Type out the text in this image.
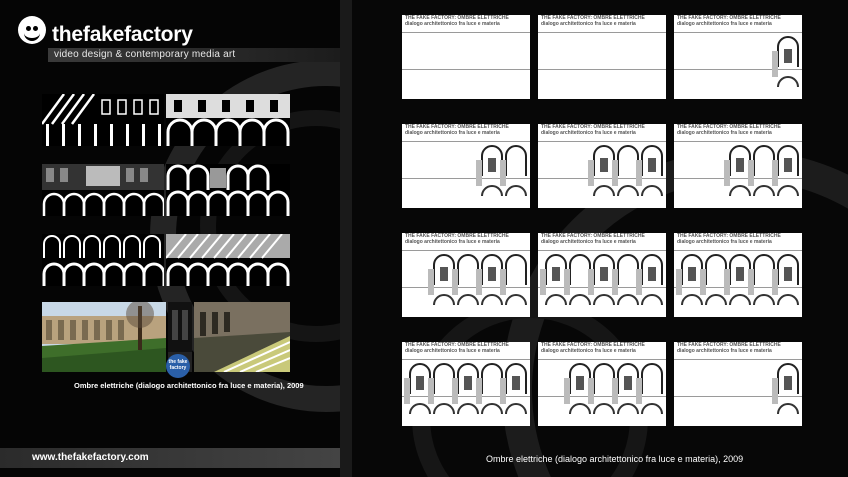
thefakefactory
video design & contemporary media art
the fake factory
Ombre elettriche (dialogo architettonico fra luce e materia), 2009
www.thefakefactory.com
THE FAKE FACTORY: OMBRE ELETTRICHE
dialogo architettonico fra luce e materia
THE FAKE FACTORY: OMBRE ELETTRICHE
dialogo architettonico fra luce e materia
THE FAKE FACTORY: OMBRE ELETTRICHE
dialogo architettonico fra luce e materia
THE FAKE FACTORY: OMBRE ELETTRICHE
dialogo architettonico fra luce e materia
THE FAKE FACTORY: OMBRE ELETTRICHE
dialogo architettonico fra luce e materia
THE FAKE FACTORY: OMBRE ELETTRICHE
dialogo architettonico fra luce e materia
THE FAKE FACTORY: OMBRE ELETTRICHE
dialogo architettonico fra luce e materia
THE FAKE FACTORY: OMBRE ELETTRICHE
dialogo architettonico fra luce e materia
THE FAKE FACTORY: OMBRE ELETTRICHE
dialogo architettonico fra luce e materia
THE FAKE FACTORY: OMBRE ELETTRICHE
dialogo architettonico fra luce e materia
THE FAKE FACTORY: OMBRE ELETTRICHE
dialogo architettonico fra luce e materia
THE FAKE FACTORY: OMBRE ELETTRICHE
dialogo architettonico fra luce e materia
Ombre elettriche (dialogo architettonico fra luce e materia), 2009
